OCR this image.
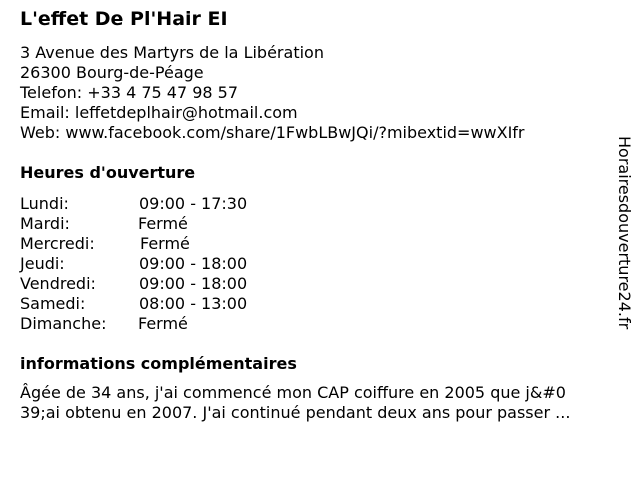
L'effet De Pl'Hair EI
3 Avenue des Martyrs de la Libération
26300 Bourg-de-Péage
Telefon: +33 4 75 47 98 57
Email: leffetdeplhair@hotmail.com
Web: www.facebook.com/share/1FwbLBwJQi/?mibextid=wwXIfr
Heures d'ouverture
Lundi:	09:00 - 17:30
Mardi:	Fermé
Mercredi:	Fermé
Jeudi:	09:00 - 18:00
Vendredi:	09:00 - 18:00
Samedi:	08:00 - 13:00
Dimanche: Fermé
informations complémentaires
Âgée de 34 ans, j'ai commencé mon CAP coiffure en 2005 que j&#0
39;ai obtenu en 2007. J'ai continué pendant deux ans pour passer ...
Horairesdouverture24.fr
